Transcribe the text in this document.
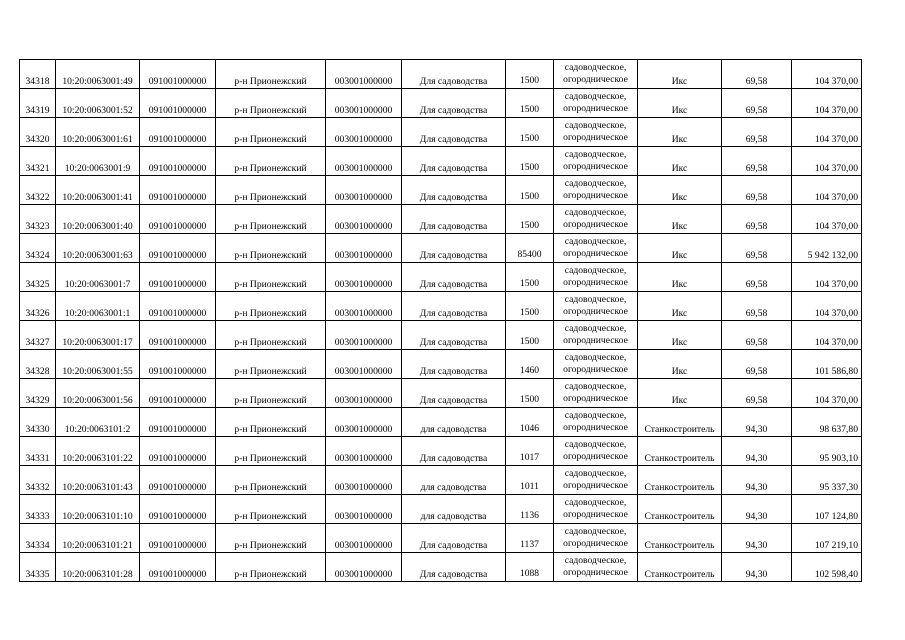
34318	10:20:0063001:49	091001000000	р-н Прионежский	003001000000	Для садоводства	1500	садоводческое,
огородническое	Икс	69,58	104 370,00

34319	10:20:0063001:52	091001000000	р-н Прионежский	003001000000	Для садоводства	1500	садоводческое,
огородническое	Икс	69,58	104 370,00

34320	10:20:0063001:61	091001000000	р-н Прионежский	003001000000	Для садоводства	1500	садоводческое,
огородническое	Икс	69,58	104 370,00

34321	10:20:0063001:9	091001000000	р-н Прионежский	003001000000	Для садоводства	1500	садоводческое,
огородническое	Икс	69,58	104 370,00

34322	10:20:0063001:41	091001000000	р-н Прионежский	003001000000	Для садоводства	1500	садоводческое,
огородническое	Икс	69,58	104 370,00

34323	10:20:0063001:40	091001000000	р-н Прионежский	003001000000	Для садоводства	1500	садоводческое,
огородническое	Икс	69,58	104 370,00

34324	10:20:0063001:63	091001000000	р-н Прионежский	003001000000	Для садоводства	85400	садоводческое,
огородническое	Икс	69,58	5 942 132,00

34325	10:20:0063001:7	091001000000	р-н Прионежский	003001000000	Для садоводства	1500	садоводческое,
огородническое	Икс	69,58	104 370,00

34326	10:20:0063001:1	091001000000	р-н Прионежский	003001000000	Для садоводства	1500	садоводческое,
огородническое	Икс	69,58	104 370,00

34327	10:20:0063001:17	091001000000	р-н Прионежский	003001000000	Для садоводства	1500	садоводческое,
огородническое	Икс	69,58	104 370,00

34328	10:20:0063001:55	091001000000	р-н Прионежский	003001000000	Для садоводства	1460	садоводческое,
огородническое	Икс	69,58	101 586,80

34329	10:20:0063001:56	091001000000	р-н Прионежский	003001000000	Для садоводства	1500	садоводческое,
огородническое	Икс	69,58	104 370,00

34330	10:20:0063101:2	091001000000	р-н Прионежский	003001000000	для садоводства	1046	садоводческое,
огородническое	Станкостроитель	94,30	98 637,80

34331	10:20:0063101:22	091001000000	р-н Прионежский	003001000000	Для садоводства	1017	садоводческое,
огородническое	Станкостроитель	94,30	95 903,10

34332	10:20:0063101:43	091001000000	р-н Прионежский	003001000000	для садоводства	1011	садоводческое,
огородническое	Станкостроитель	94,30	95 337,30

34333	10:20:0063101:10	091001000000	р-н Прионежский	003001000000	для садоводства	1136	садоводческое,
огородническое	Станкостроитель	94,30	107 124,80

34334	10:20:0063101:21	091001000000	р-н Прионежский	003001000000	Для садоводства	1137	садоводческое,
огородническое	Станкостроитель	94,30	107 219,10

34335	10:20:0063101:28	091001000000	р-н Прионежский	003001000000	Для садоводства	1088	садоводческое,
огородническое	Станкостроитель	94,30	102 598,40
